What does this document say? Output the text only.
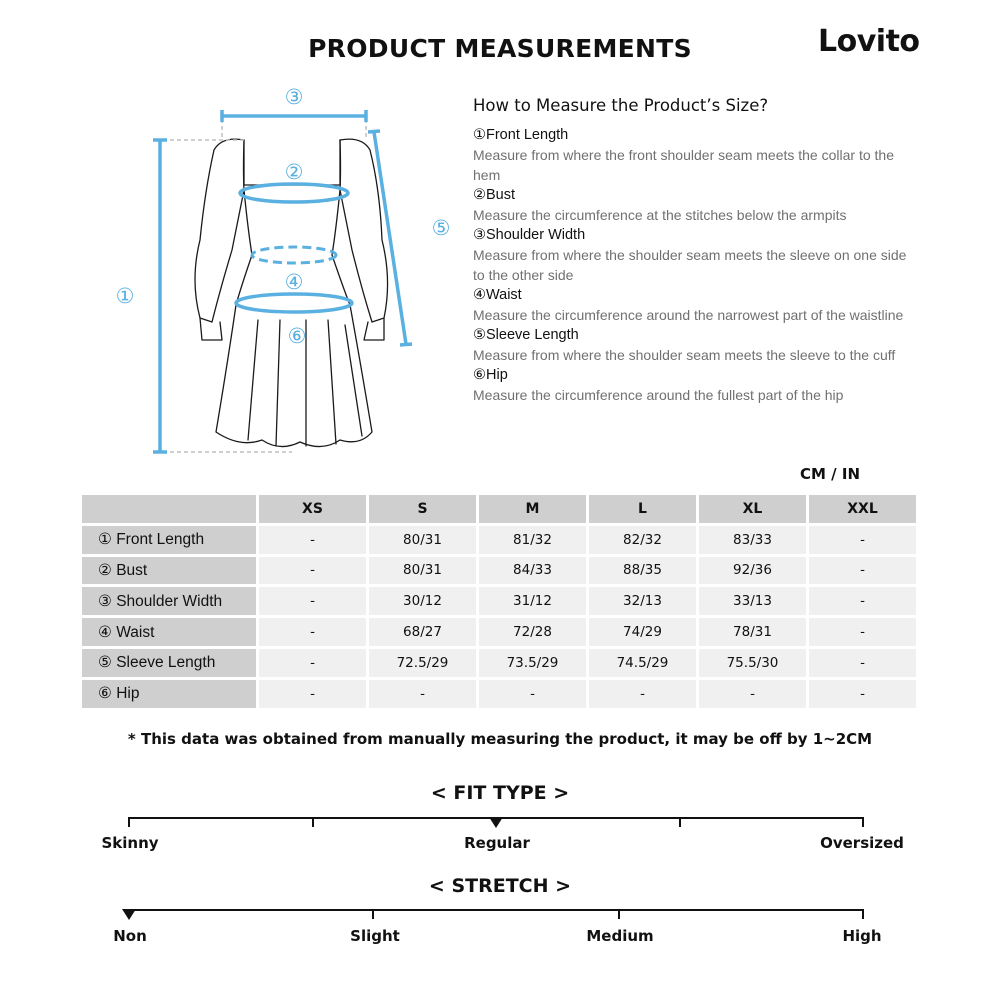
PRODUCT MEASUREMENTS	Lovito
①
②
③
④
⑤
⑥
How to Measure the Product’s Size?
①Front Length
Measure from where the front shoulder seam meets the collar to the hem
②Bust
Measure the circumference at the stitches below the armpits
③Shoulder Width
Measure from where the shoulder seam meets the sleeve on one side to the other side
④Waist
Measure the circumference around the narrowest part of the waistline
⑤Sleeve Length
Measure from where the shoulder seam meets the sleeve to the cuff
⑥Hip
Measure the circumference around the fullest part of the hip
CM / IN
	XS	S	M	L	XL	XXL
① Front Length	-	80/31	81/32	82/32	83/33	-
② Bust	-	80/31	84/33	88/35	92/36	-
③ Shoulder Width	-	30/12	31/12	32/13	33/13	-
④ Waist	-	68/27	72/28	74/29	78/31	-
⑤ Sleeve Length	-	72.5/29	73.5/29	74.5/29	75.5/30	-
⑥ Hip	-	-	-	-	-	-
* This data was obtained from manually measuring the product, it may be off by 1~2CM
< FIT TYPE >
Skinny	Regular	Oversized
< STRETCH >
Non	Slight	Medium	High
